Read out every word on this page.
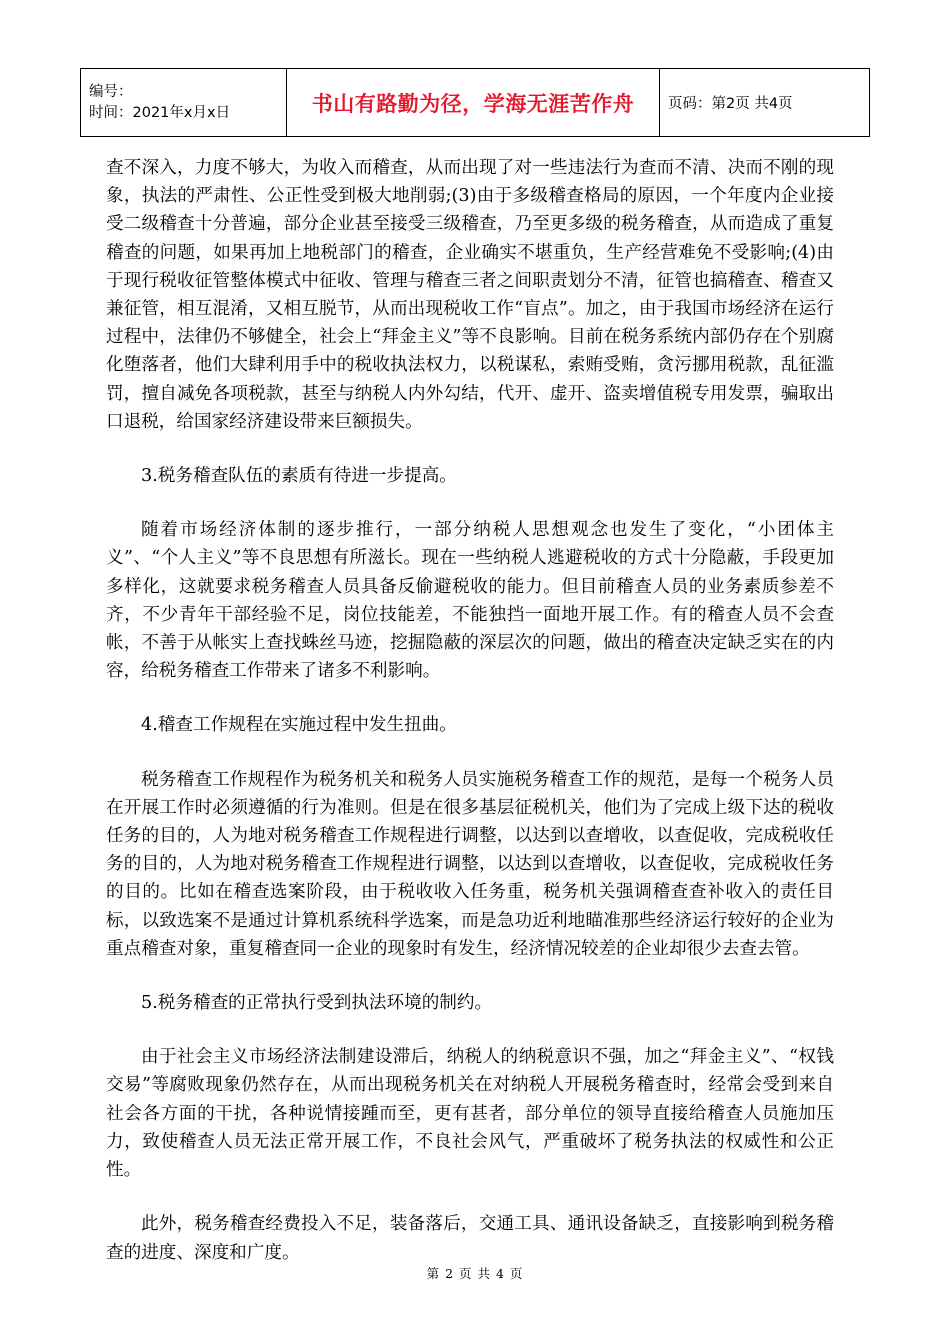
编号：
时间：2021年x月x日	书山有路勤为径，学海无涯苦作舟	页码：第2页 共4页

查不深入，力度不够大，为收入而稽查，从而出现了对一些违法行为查而不清、决而不刚的现象，执法的严肃性、公正性受到极大地削弱;(3)由于多级稽查格局的原因，一个年度内企业接受二级稽查十分普遍，部分企业甚至接受三级稽查，乃至更多级的税务稽查，从而造成了重复稽查的问题，如果再加上地税部门的稽查，企业确实不堪重负，生产经营难免不受影响;(4)由于现行税收征管整体模式中征收、管理与稽查三者之间职责划分不清，征管也搞稽查、稽查又兼征管，相互混淆，又相互脱节，从而出现税收工作“盲点”。加之，由于我国市场经济在运行过程中，法律仍不够健全，社会上“拜金主义”等不良影响。目前在税务系统内部仍存在个别腐化堕落者，他们大肆利用手中的税收执法权力，以税谋私，索贿受贿，贪污挪用税款，乱征滥罚，擅自减免各项税款，甚至与纳税人内外勾结，代开、虚开、盗卖增值税专用发票，骗取出口退税，给国家经济建设带来巨额损失。

3.税务稽查队伍的素质有待进一步提高。

随着市场经济体制的逐步推行，一部分纳税人思想观念也发生了变化，“小团体主义”、“个人主义”等不良思想有所滋长。现在一些纳税人逃避税收的方式十分隐蔽，手段更加多样化，这就要求税务稽查人员具备反偷避税收的能力。但目前稽查人员的业务素质参差不齐，不少青年干部经验不足，岗位技能差，不能独挡一面地开展工作。有的稽查人员不会查帐，不善于从帐实上查找蛛丝马迹，挖掘隐蔽的深层次的问题，做出的稽查决定缺乏实在的内容，给税务稽查工作带来了诸多不利影响。

4.稽查工作规程在实施过程中发生扭曲。

税务稽查工作规程作为税务机关和税务人员实施税务稽查工作的规范，是每一个税务人员在开展工作时必须遵循的行为准则。但是在很多基层征税机关，他们为了完成上级下达的税收任务的目的，人为地对税务稽查工作规程进行调整，以达到以查增收，以查促收，完成税收任务的目的，人为地对税务稽查工作规程进行调整，以达到以查增收，以查促收，完成税收任务的目的。比如在稽查选案阶段，由于税收收入任务重，税务机关强调稽查查补收入的责任目标，以致选案不是通过计算机系统科学选案，而是急功近利地瞄准那些经济运行较好的企业为重点稽查对象，重复稽查同一企业的现象时有发生，经济情况较差的企业却很少去查去管。

5.税务稽查的正常执行受到执法环境的制约。

由于社会主义市场经济法制建设滞后，纳税人的纳税意识不强，加之“拜金主义”、“权钱交易”等腐败现象仍然存在，从而出现税务机关在对纳税人开展税务稽查时，经常会受到来自社会各方面的干扰，各种说情接踵而至，更有甚者，部分单位的领导直接给稽查人员施加压力，致使稽查人员无法正常开展工作，不良社会风气，严重破坏了税务执法的权威性和公正性。

此外，税务稽查经费投入不足，装备落后，交通工具、通讯设备缺乏，直接影响到税务稽查的进度、深度和广度。

第 2 页 共 4 页
